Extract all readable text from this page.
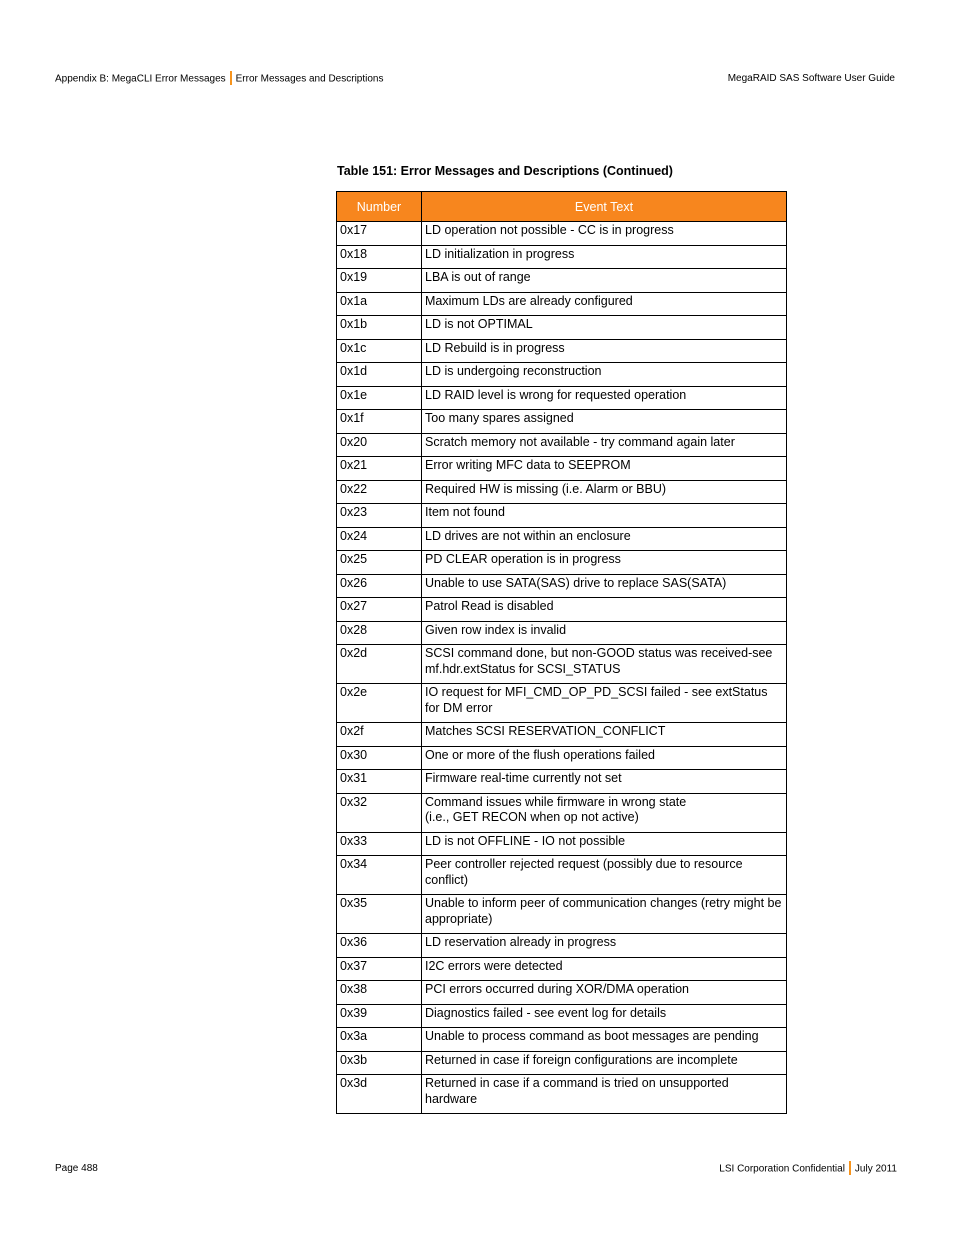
Appendix B: MegaCLI Error Messages Error Messages and Descriptions	MegaRAID SAS Software User Guide
Table 151: Error Messages and Descriptions (Continued)
Number	Event Text
0x17	LD operation not possible - CC is in progress
0x18	LD initialization in progress
0x19	LBA is out of range
0x1a	Maximum LDs are already configured
0x1b	LD is not OPTIMAL
0x1c	LD Rebuild is in progress
0x1d	LD is undergoing reconstruction
0x1e	LD RAID level is wrong for requested operation
0x1f	Too many spares assigned
0x20	Scratch memory not available - try command again later
0x21	Error writing MFC data to SEEPROM
0x22	Required HW is missing (i.e. Alarm or BBU)
0x23	Item not found
0x24	LD drives are not within an enclosure
0x25	PD CLEAR operation is in progress
0x26	Unable to use SATA(SAS) drive to replace SAS(SATA)
0x27	Patrol Read is disabled
0x28	Given row index is invalid
0x2d	SCSI command done, but non-GOOD status was received-see mf.hdr.extStatus for SCSI_STATUS
0x2e	IO request for MFI_CMD_OP_PD_SCSI failed - see extStatus for DM error
0x2f	Matches SCSI RESERVATION_CONFLICT
0x30	One or more of the flush operations failed
0x31	Firmware real-time currently not set
0x32	Command issues while firmware in wrong state
(i.e., GET RECON when op not active)
0x33	LD is not OFFLINE - IO not possible
0x34	Peer controller rejected request (possibly due to resource conflict)
0x35	Unable to inform peer of communication changes (retry might be appropriate)
0x36	LD reservation already in progress
0x37	I2C errors were detected
0x38	PCI errors occurred during XOR/DMA operation
0x39	Diagnostics failed - see event log for details
0x3a	Unable to process command as boot messages are pending
0x3b	Returned in case if foreign configurations are incomplete
0x3d	Returned in case if a command is tried on unsupported hardware
Page 488	LSI Corporation Confidential July 2011
